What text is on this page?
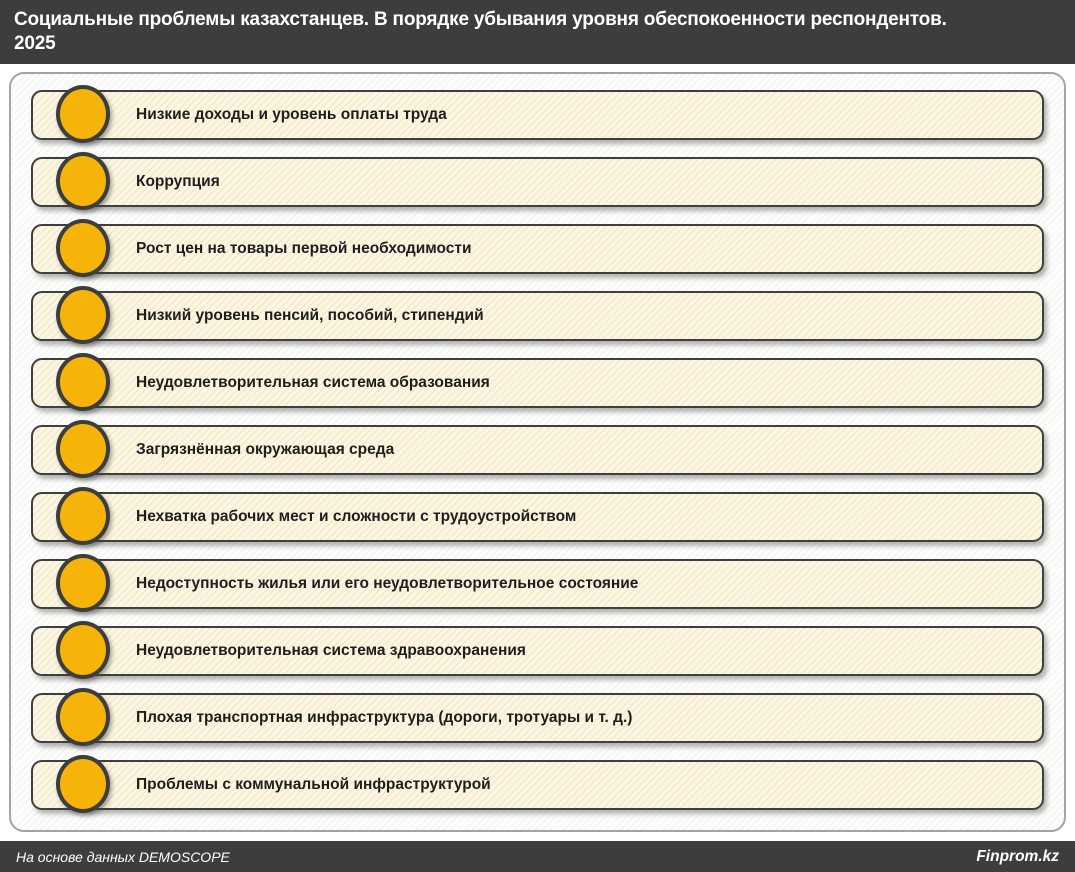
Социальные проблемы казахстанцев. В порядке убывания уровня обеспокоенности респондентов.
2025
Низкие доходы и уровень оплаты труда
Коррупция
Рост цен на товары первой необходимости
Низкий уровень пенсий, пособий, стипендий
Неудовлетворительная система образования
Загрязнённая окружающая среда
Нехватка рабочих мест и сложности с трудоустройством
Недоступность жилья или его неудовлетворительное состояние
Неудовлетворительная система здравоохранения
Плохая транспортная инфраструктура (дороги, тротуары и т. д.)
Проблемы с коммунальной инфраструктурой
На основе данных DEMOSCOPE	Finprom.kz
